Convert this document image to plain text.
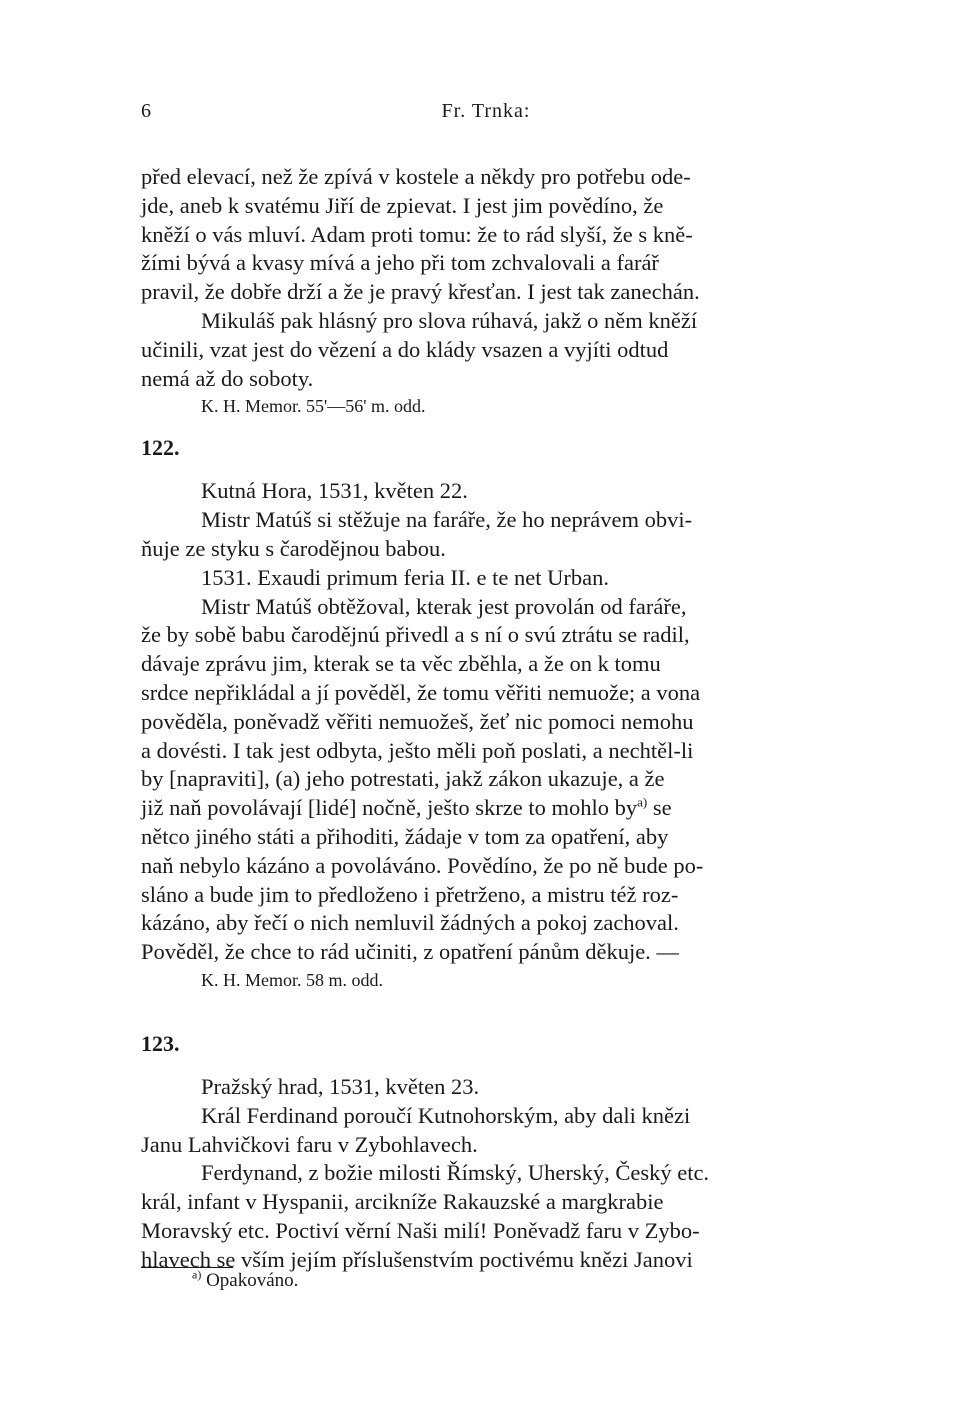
6	Fr. Trnka:

před elevací, než že zpívá v kostele a někdy pro potřebu ode-

jde, aneb k svatému Jiří de zpievat. I jest jim povědíno, že

kněží o vás mluví. Adam proti tomu: že to rád slyší, že s kně-

žími bývá a kvasy mívá a jeho při tom zchvalovali a farář

pravil, že dobře drží a že je pravý křesťan. I jest tak zanechán.

Mikuláš pak hlásný pro slova rúhavá, jakž o něm kněží

učinili, vzat jest do vězení a do klády vsazen a vyjíti odtud

nemá až do soboty.

K. H. Memor. 55'—56' m. odd.

122.

Kutná Hora, 1531, květen 22.

Mistr Matúš si stěžuje na faráře, že ho neprávem obvi-

ňuje ze styku s čarodějnou babou.

1531. Exaudi primum feria II. e te net Urban.

Mistr Matúš obtěžoval, kterak jest provolán od faráře,

že by sobě babu čarodějnú přivedl a s ní o svú ztrátu se radil,

dávaje zprávu jim, kterak se ta věc zběhla, a že on k tomu

srdce nepřikládal a jí pověděl, že tomu věřiti nemuože; a vona

pověděla, poněvadž věřiti nemuožeš, žeť nic pomoci nemohu

a dovésti. I tak jest odbyta, ješto měli poň poslati, a nechtěl-li

by [napraviti], (a) jeho potrestati, jakž zákon ukazuje, a že

již naň povolávají [lidé] nočně, ješto skrze to mohlo $by^{a)}$ se

nětco jiného státi a přihoditi, žádaje v tom za opatření, aby

naň nebylo kázáno a povoláváno. Povědíno, že po ně bude po-

sláno a bude jim to předloženo i přetrženo, a mistru též roz-

kázáno, aby řečí o nich nemluvil žádných a pokoj zachoval.

Pověděl, že chce to rád učiniti, z opatření pánům děkuje. —

K. H. Memor. 58 m. odd.

123.

Pražský hrad, 1531, květen 23.

Král Ferdinand poroučí Kutnohorským, aby dali knězi

Janu Lahvičkovi faru v Zybohlavech.

Ferdynand, z božie milosti Římský, Uherský, Český etc.

král, infant v Hyspanii, arcikníže Rakauzské a margkrabie

Moravský etc. Poctiví věrní Naši milí! Poněvadž faru v Zybo-

hlavech se vším jejím příslušenstvím poctivému knězi Janovi

$^{a)}$ Opakováno.
